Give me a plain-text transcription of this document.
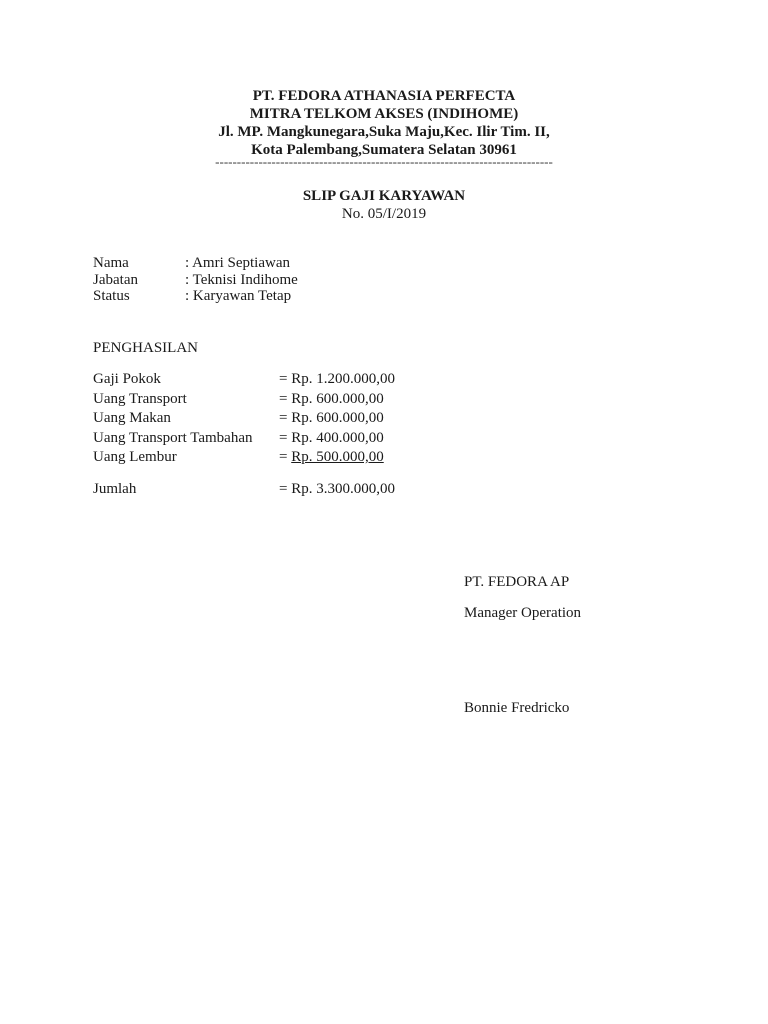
PT. FEDORA ATHANASIA PERFECTA
MITRA TELKOM AKSES (INDIHOME)
Jl. MP. Mangkunegara,Suka Maju,Kec. Ilir Tim. II,
Kota Palembang,Sumatera Selatan 30961
------------------------------------------------------------------------------
SLIP GAJI KARYAWAN
No. 05/I/2019
Nama	: Amri Septiawan
Jabatan	: Teknisi Indihome
Status	: Karyawan Tetap
PENGHASILAN
Gaji Pokok	= Rp. 1.200.000,00
Uang Transport	= Rp. 600.000,00
Uang Makan	= Rp. 600.000,00
Uang Transport Tambahan = Rp. 400.000,00
Uang Lembur	= Rp. 500.000,00
Jumlah	= Rp. 3.300.000,00
PT. FEDORA AP
Manager Operation
Bonnie Fredricko
